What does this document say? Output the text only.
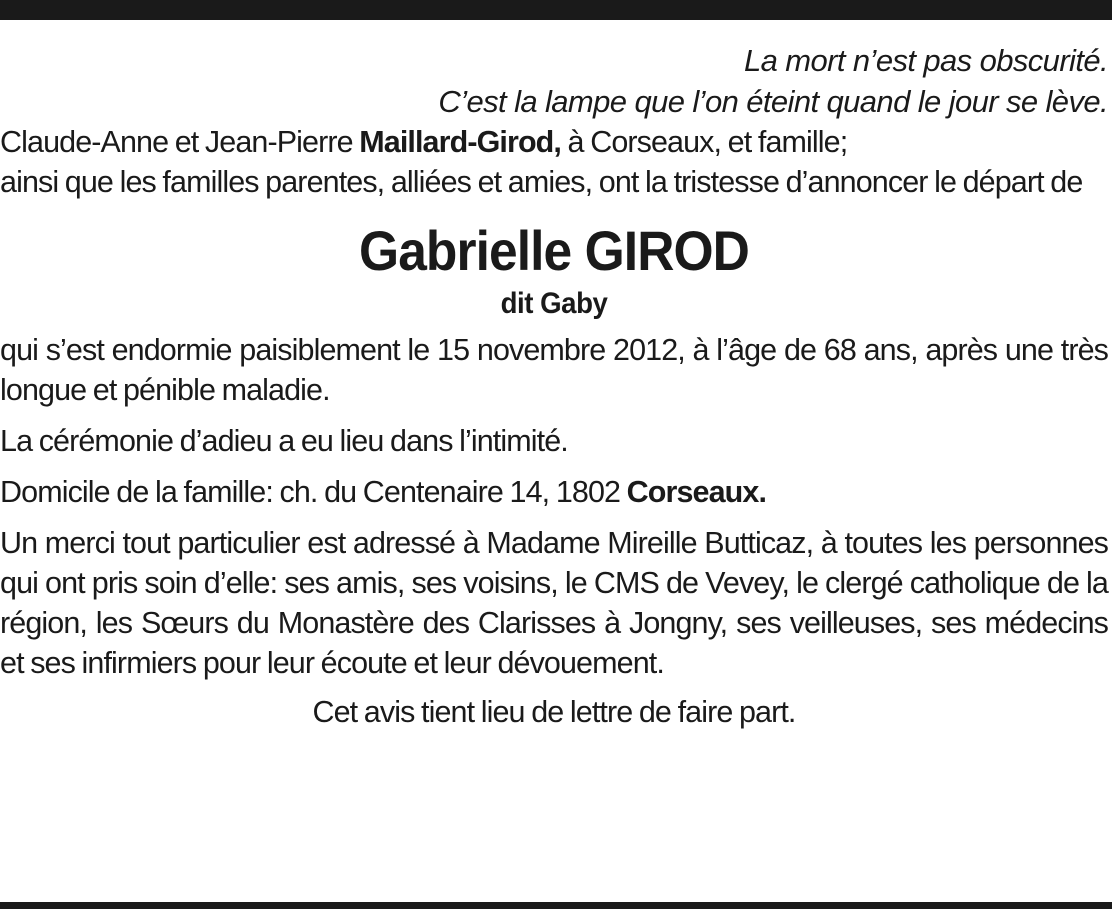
La mort n’est pas obscurité.
C’est la lampe que l’on éteint quand le jour se lève.

Claude-Anne et Jean-Pierre Maillard-Girod, à Corseaux, et famille;

ainsi que les familles parentes, alliées et amies, ont la tristesse d’annoncer le départ de

Gabrielle GIROD
dit Gaby

qui s’est endormie paisiblement le 15 novembre 2012, à l’âge de 68 ans, après une très longue et pénible maladie.

La cérémonie d’adieu a eu lieu dans l’intimité.

Domicile de la famille: ch. du Centenaire 14, 1802 Corseaux.

Un merci tout particulier est adressé à Madame Mireille Butticaz, à toutes les personnes qui ont pris soin d’elle: ses amis, ses voisins, le CMS de Vevey, le clergé catholique de la région, les Sœurs du Monastère des Clarisses à Jongny, ses veilleuses, ses médecins et ses infirmiers pour leur écoute et leur dévouement.

Cet avis tient lieu de lettre de faire part.
